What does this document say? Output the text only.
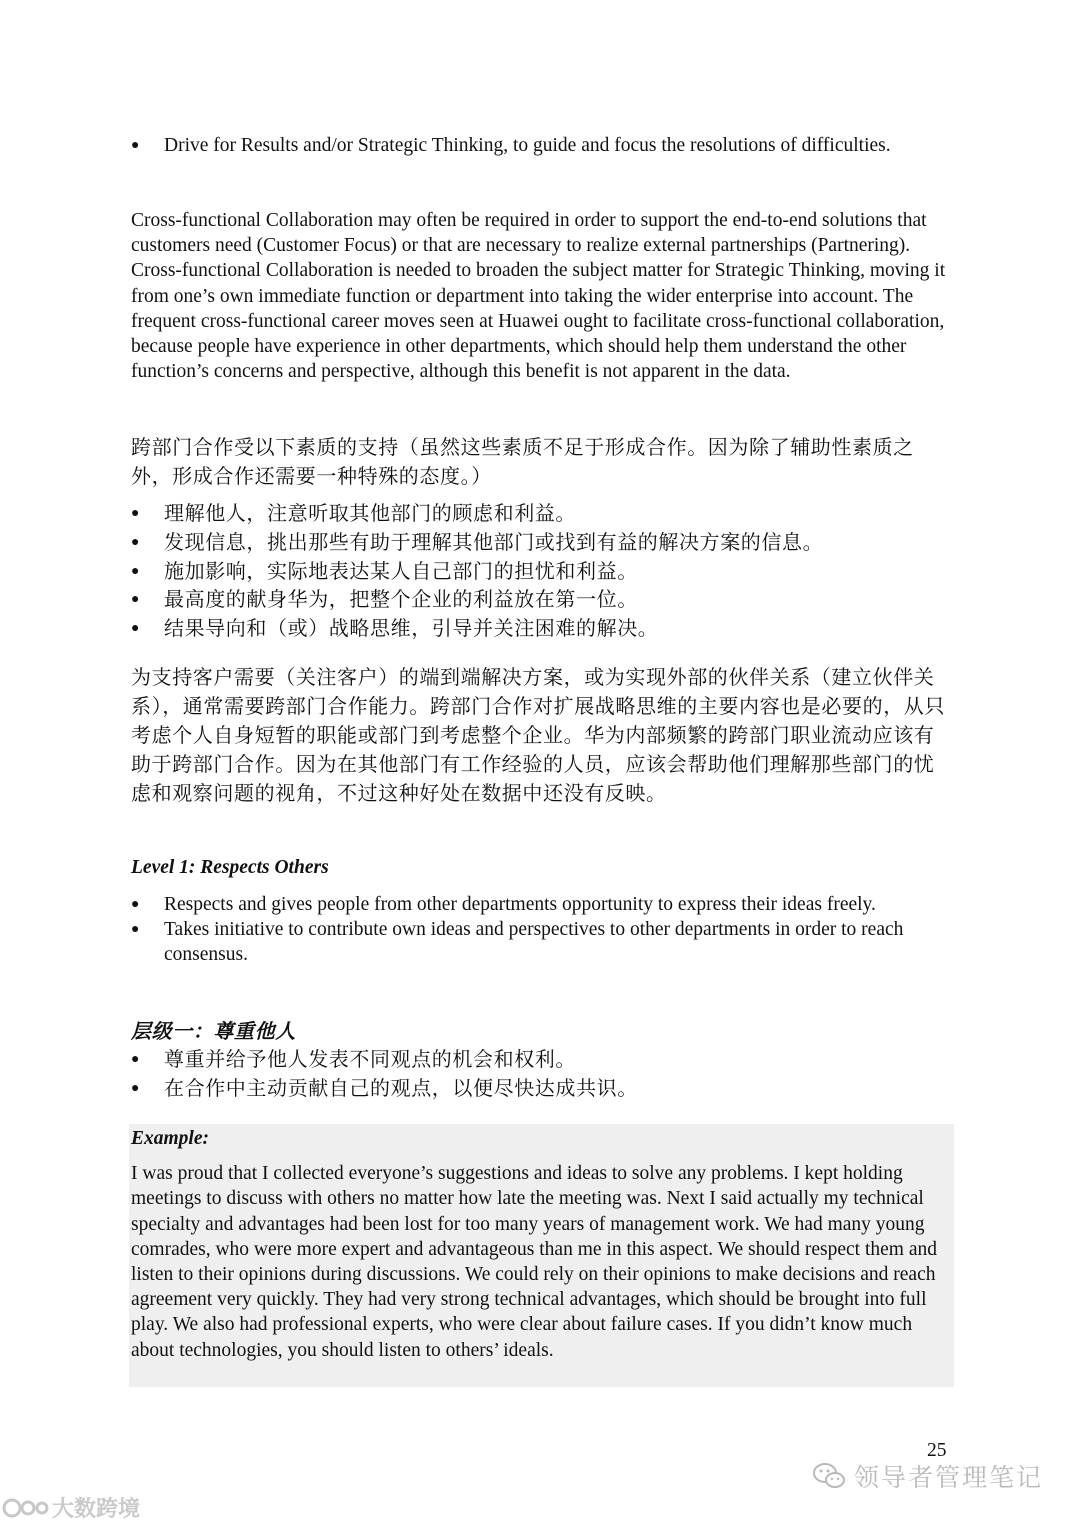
● Drive for Results and/or Strategic Thinking, to guide and focus the resolutions of difficulties.

Cross-functional Collaboration may often be required in order to support the end-to-end solutions that customers need (Customer Focus) or that are necessary to realize external partnerships (Partnering). Cross-functional Collaboration is needed to broaden the subject matter for Strategic Thinking, moving it from one’s own immediate function or department into taking the wider enterprise into account. The frequent cross-functional career moves seen at Huawei ought to facilitate cross-functional collaboration, because people have experience in other departments, which should help them understand the other function’s concerns and perspective, although this benefit is not apparent in the data.

跨部门合作受以下素质的支持（虽然这些素质不足于形成合作。因为除了辅助性素质之外，形成合作还需要一种特殊的态度。）

● 理解他人，注意听取其他部门的顾虑和利益。
● 发现信息，挑出那些有助于理解其他部门或找到有益的解决方案的信息。
● 施加影响，实际地表达某人自己部门的担忧和利益。
● 最高度的献身华为，把整个企业的利益放在第一位。
● 结果导向和（或）战略思维，引导并关注困难的解决。

为支持客户需要（关注客户）的端到端解决方案，或为实现外部的伙伴关系（建立伙伴关系），通常需要跨部门合作能力。跨部门合作对扩展战略思维的主要内容也是必要的，从只考虑个人自身短暂的职能或部门到考虑整个企业。华为内部频繁的跨部门职业流动应该有助于跨部门合作。因为在其他部门有工作经验的人员，应该会帮助他们理解那些部门的忧虑和观察问题的视角，不过这种好处在数据中还没有反映。

Level 1: Respects Others
● Respects and gives people from other departments opportunity to express their ideas freely.
● Takes initiative to contribute own ideas and perspectives to other departments in order to reach consensus.
层级一：尊重他人
● 尊重并给予他人发表不同观点的机会和权利。
● 在合作中主动贡献自己的观点，以便尽快达成共识。
Example:
I was proud that I collected everyone’s suggestions and ideas to solve any problems. I kept holding meetings to discuss with others no matter how late the meeting was. Next I said actually my technical specialty and advantages had been lost for too many years of management work. We had many young comrades, who were more expert and advantageous than me in this aspect. We should respect them and listen to their opinions during discussions. We could rely on their opinions to make decisions and reach agreement very quickly. They had very strong technical advantages, which should be brought into full play. We also had professional experts, who were clear about failure cases. If you didn’t know much about technologies, you should listen to others’ ideals.
25
领导者管理笔记
大数跨境
